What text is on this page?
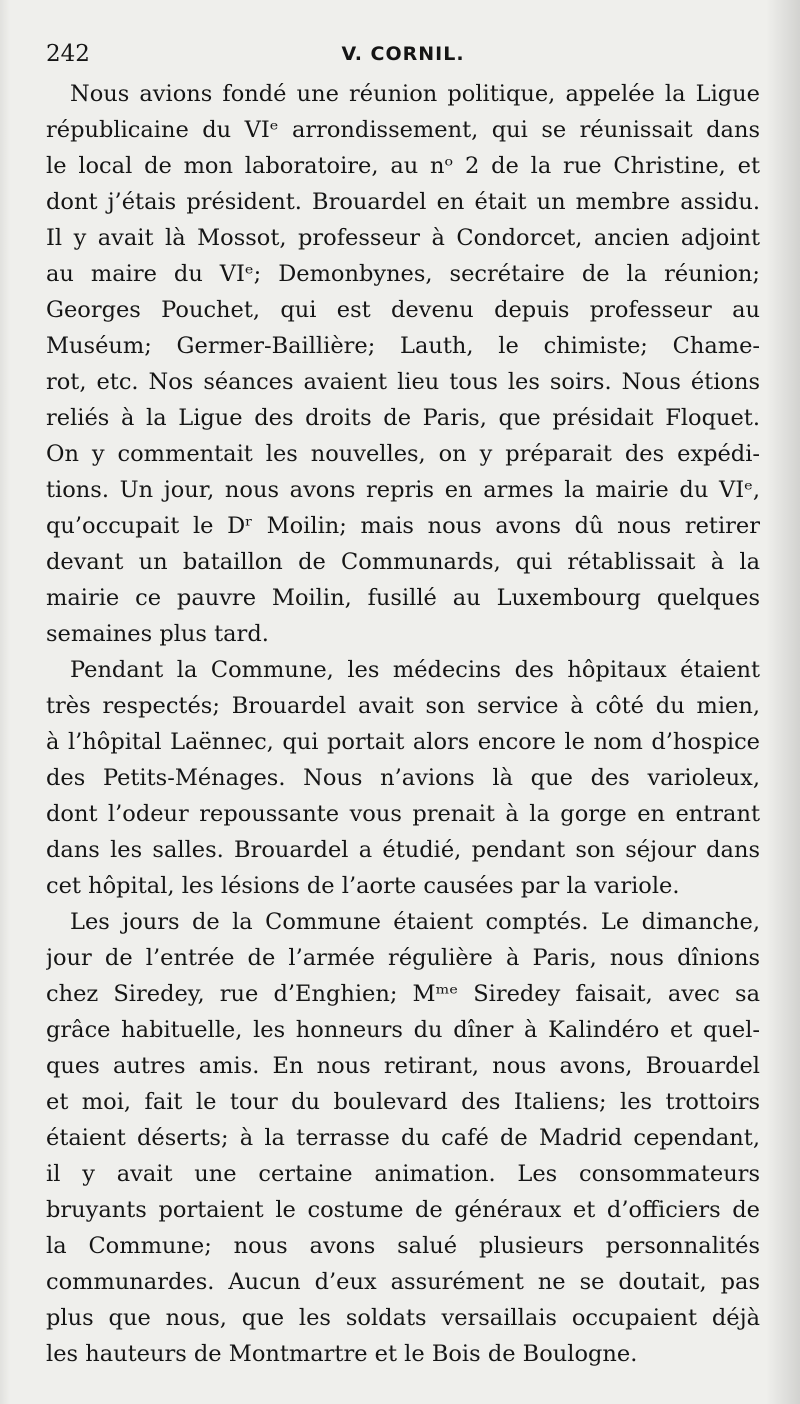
242	V. CORNIL.
Nous avions fondé une réunion politique, appelée la Ligue
républicaine du VIᵉ arrondissement, qui se réunissait dans
le local de mon laboratoire, au nᵒ 2 de la rue Christine, et
dont j’étais président. Brouardel en était un membre assidu.
Il y avait là Mossot, professeur à Condorcet, ancien adjoint
au maire du VIᵉ; Demonbynes, secrétaire de la réunion;
Georges Pouchet, qui est devenu depuis professeur au
Muséum; Germer-Baillière; Lauth, le chimiste; Chame-
rot, etc. Nos séances avaient lieu tous les soirs. Nous étions
reliés à la Ligue des droits de Paris, que présidait Floquet.
On y commentait les nouvelles, on y préparait des expédi-
tions. Un jour, nous avons repris en armes la mairie du VIᵉ,
qu’occupait le Dʳ Moilin; mais nous avons dû nous retirer
devant un bataillon de Communards, qui rétablissait à la
mairie ce pauvre Moilin, fusillé au Luxembourg quelques
semaines plus tard.
Pendant la Commune, les médecins des hôpitaux étaient
très respectés; Brouardel avait son service à côté du mien,
à l’hôpital Laënnec, qui portait alors encore le nom d’hospice
des Petits-Ménages. Nous n’avions là que des varioleux,
dont l’odeur repoussante vous prenait à la gorge en entrant
dans les salles. Brouardel a étudié, pendant son séjour dans
cet hôpital, les lésions de l’aorte causées par la variole.
Les jours de la Commune étaient comptés. Le dimanche,
jour de l’entrée de l’armée régulière à Paris, nous dînions
chez Siredey, rue d’Enghien; Mᵐᵉ Siredey faisait, avec sa
grâce habituelle, les honneurs du dîner à Kalindéro et quel-
ques autres amis. En nous retirant, nous avons, Brouardel
et moi, fait le tour du boulevard des Italiens; les trottoirs
étaient déserts; à la terrasse du café de Madrid cependant,
il y avait une certaine animation. Les consommateurs
bruyants portaient le costume de généraux et d’officiers de
la Commune; nous avons salué plusieurs personnalités
communardes. Aucun d’eux assurément ne se doutait, pas
plus que nous, que les soldats versaillais occupaient déjà
les hauteurs de Montmartre et le Bois de Boulogne.
